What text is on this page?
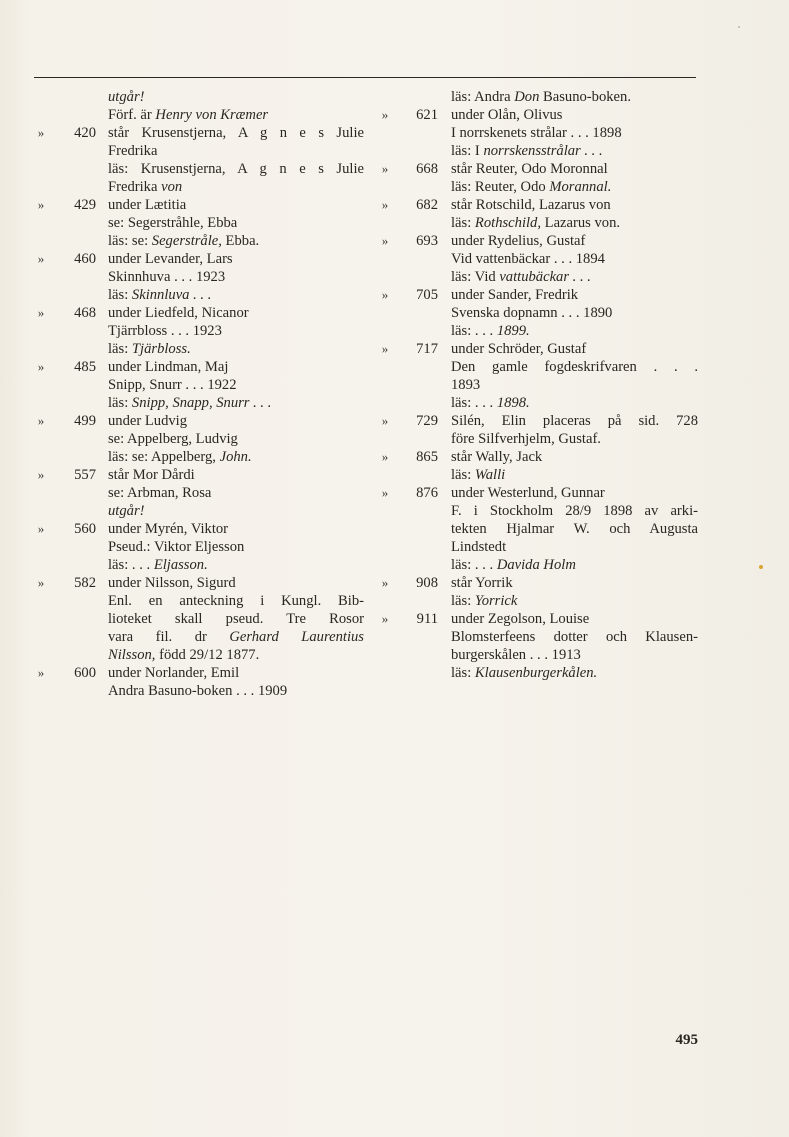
utgår!
Förf. är Henry von Kræmer
»	420 står Krusenstjerna, A g n e s Julie
Fredrika
läs: Krusenstjerna, A g n e s Julie
Fredrika von
»	429 under Lætitia
se: Segerstråhle, Ebba
läs: se: Segerstråle, Ebba.
»	460 under Levander, Lars
Skinnhuva . . . 1923
läs: Skinnluva . . .
»	468 under Liedfeld, Nicanor
Tjärrbloss . . . 1923
läs: Tjärbloss.
»	485 under Lindman, Maj
Snipp, Snurr . . . 1922
läs: Snipp, Snapp, Snurr . . .
»	499 under Ludvig
se: Appelberg, Ludvig
läs: se: Appelberg, John.
»	557 står Mor Dårdi
se: Arbman, Rosa
utgår!
»	560 under Myrén, Viktor
Pseud.: Viktor Eljesson
läs: . . . Eljasson.
»	582 under Nilsson, Sigurd
Enl. en anteckning i Kungl. Bib-
lioteket skall pseud. Tre Rosor
vara fil. dr Gerhard Laurentius
Nilsson, född 29/12 1877.
»	600 under Norlander, Emil
Andra Basuno-boken . . . 1909
läs: Andra Don Basuno-boken.
»	621 under Olån, Olivus
I norrskenets strålar . . . 1898
läs: I norrskensstrålar . . .
»	668 står Reuter, Odo Moronnal
läs: Reuter, Odo Morannal.
»	682 står Rotschild, Lazarus von
läs: Rothschild, Lazarus von.
»	693 under Rydelius, Gustaf
Vid vattenbäckar . . . 1894
läs: Vid vattubäckar . . .
»	705 under Sander, Fredrik
Svenska dopnamn . . . 1890
läs: . . . 1899.
»	717 under Schröder, Gustaf
Den gamle fogdeskrifvaren . . .
1893
läs: . . . 1898.
»	729 Silén, Elin placeras på sid. 728
före Silfverhjelm, Gustaf.
»	865 står Wally, Jack
läs: Walli
»	876 under Westerlund, Gunnar
F. i Stockholm 28/9 1898 av arki-
tekten Hjalmar W. och Augusta
Lindstedt
läs: . . . Davida Holm
»	908 står Yorrik
läs: Yorrick
»	911 under Zegolson, Louise
Blomsterfeens dotter och Klausen-
burgerskålen . . . 1913
läs: Klausenburgerkålen.
495
